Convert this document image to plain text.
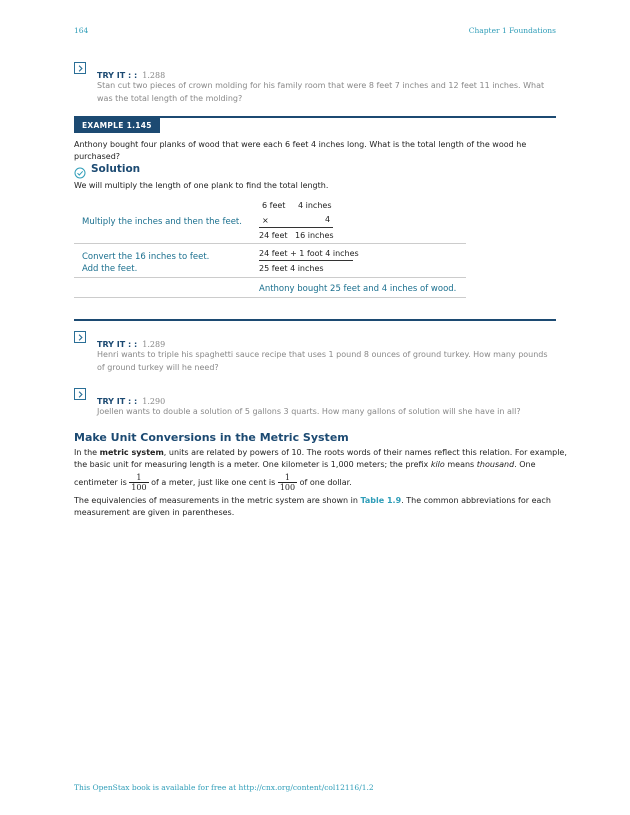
164	Chapter 1 Foundations
TRY IT : : 1.288
Stan cut two pieces of crown molding for his family room that were 8 feet 7 inches and 12 feet 11 inches. What
was the total length of the molding?
EXAMPLE 1.145
Anthony bought four planks of wood that were each 6 feet 4 inches long. What is the total length of the wood he
purchased?
Solution
We will multiply the length of one plank to find the total length.
Multiply the inches and then the feet.
6 feet 4 inches
×	4
24 feet 16 inches
Convert the 16 inches to feet.
Add the feet.
24 feet + 1 foot 4 inches
25 feet 4 inches
Anthony bought 25 feet and 4 inches of wood.
TRY IT : : 1.289
Henri wants to triple his spaghetti sauce recipe that uses 1 pound 8 ounces of ground turkey. How many pounds
of ground turkey will he need?
TRY IT : : 1.290
Joellen wants to double a solution of 5 gallons 3 quarts. How many gallons of solution will she have in all?
Make Unit Conversions in the Metric System
In the metric system, units are related by powers of 10. The roots words of their names reflect this relation. For example,
the basic unit for measuring length is a meter. One kilometer is 1,000 meters; the prefix kilo means thousand. One
centimeter is $\frac{1}{100}$ of a meter, just like one cent is $\frac{1}{100}$ of one dollar.
The equivalencies of measurements in the metric system are shown in Table 1.9. The common abbreviations for each
measurement are given in parentheses.
This OpenStax book is available for free at http://cnx.org/content/col12116/1.2
